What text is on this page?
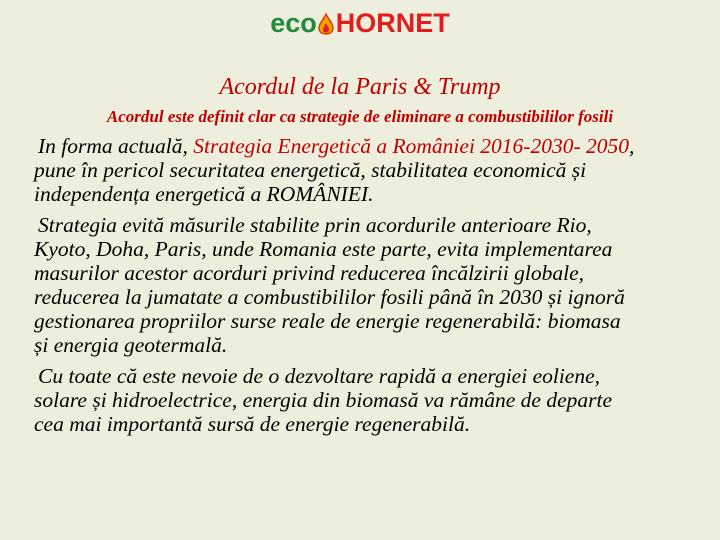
eco HORNET
Acordul de la Paris & Trump
Acordul este definit clar ca strategie de eliminare a combustibililor fosili
In forma actuală, Strategia Energetică a României 2016-2030- 2050,
pune în pericol securitatea energetică, stabilitatea economică și
independența energetică a ROMÂNIEI.
Strategia evită măsurile stabilite prin acordurile anterioare Rio,
Kyoto, Doha, Paris, unde Romania este parte, evita implementarea
masurilor acestor acorduri privind reducerea încălzirii globale,
reducerea la jumatate a combustibililor fosili până în 2030 și ignoră
gestionarea propriilor surse reale de energie regenerabilă: biomasa
și energia geotermală.
Cu toate că este nevoie de o dezvoltare rapidă a energiei eoliene,
solare și hidroelectrice, energia din biomasă va rămâne de departe
cea mai importantă sursă de energie regenerabilă.
